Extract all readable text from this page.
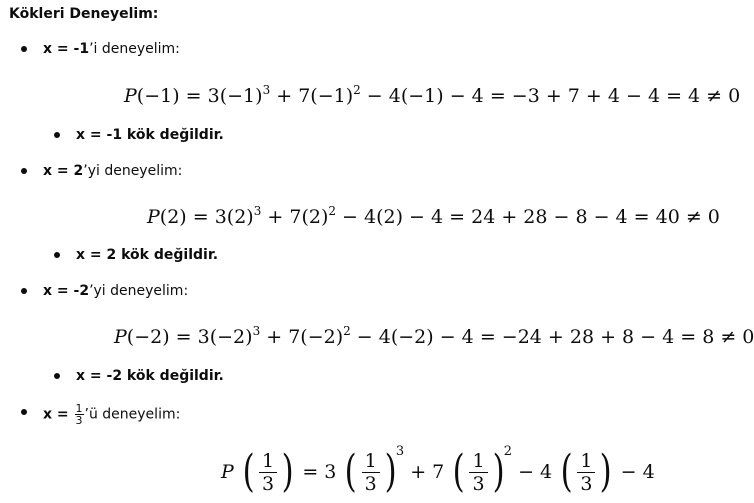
Kökleri Deneyelim:
x = -1’i deneyelim:
$P(-1) = 3(-1)^3 + 7(-1)^2 - 4(-1) - 4 = -3 + 7 + 4 - 4 = 4 \ne 0$
x = -1 kök değildir.
x = 2’yi deneyelim:
$P(2) = 3(2)^3 + 7(2)^2 - 4(2) - 4 = 24 + 28 - 8 - 4 = 40 \ne 0$
x = 2 kök değildir.
x = -2’yi deneyelim:
$P(-2) = 3(-2)^3 + 7(-2)^2 - 4(-2) - 4 = -24 + 28 + 8 - 4 = 8 \ne 0$
x = -2 kök değildir.
$x = \frac{1}{3}$ ’ü deneyelim:
P ( $\frac{1}{3}$ ) = 3 ( $\frac{1}{3} )^3 + 7$ ( $\frac{1}{3} )^2 - 4$ ( $\frac{1}{3}$ ) − 4
